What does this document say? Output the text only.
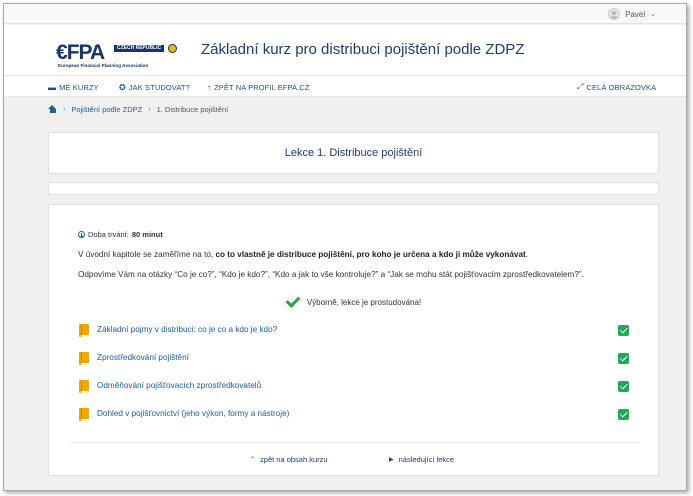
Pavel ⌄
€FPA	CZECH REPUBLIC
European Financial Planning Association
Základní kurz pro distribuci pojištění podle ZDPZ
▬ MÉ KURZY	✪ JAK STUDOVAT? ↑ ZPĚT NA PROFIL EFPA.CZ	⤢ CELÁ OBRAZOVKA
› Pojištění podle ZDPZ › 1. Distribuce pojištění
Lekce 1. Distribuce pojištění
Doba trvání: 80 minut
V úvodní kapitole se zaměříme na to, co to vlastně je distribuce pojištění, pro koho je určena a kdo ji může vykonávat.
Odpovíme Vám na otázky “Co je co?”, “Kdo je kdo?”, “Kdo a jak to vše kontroluje?” a “Jak se mohu stát pojišťovacím zprostředkovatelem?”.
Výborně, lekce je prostudována!
Základní pojmy v distribuci: co je co a kdo je kdo?
Zprostředkování pojištění
Odměňování pojišťovacích zprostředkovatelů
Dohled v pojišťovnictví (jeho výkon, formy a nástroje)
⌃ zpět na obsah kurzu	▶ následující lekce
